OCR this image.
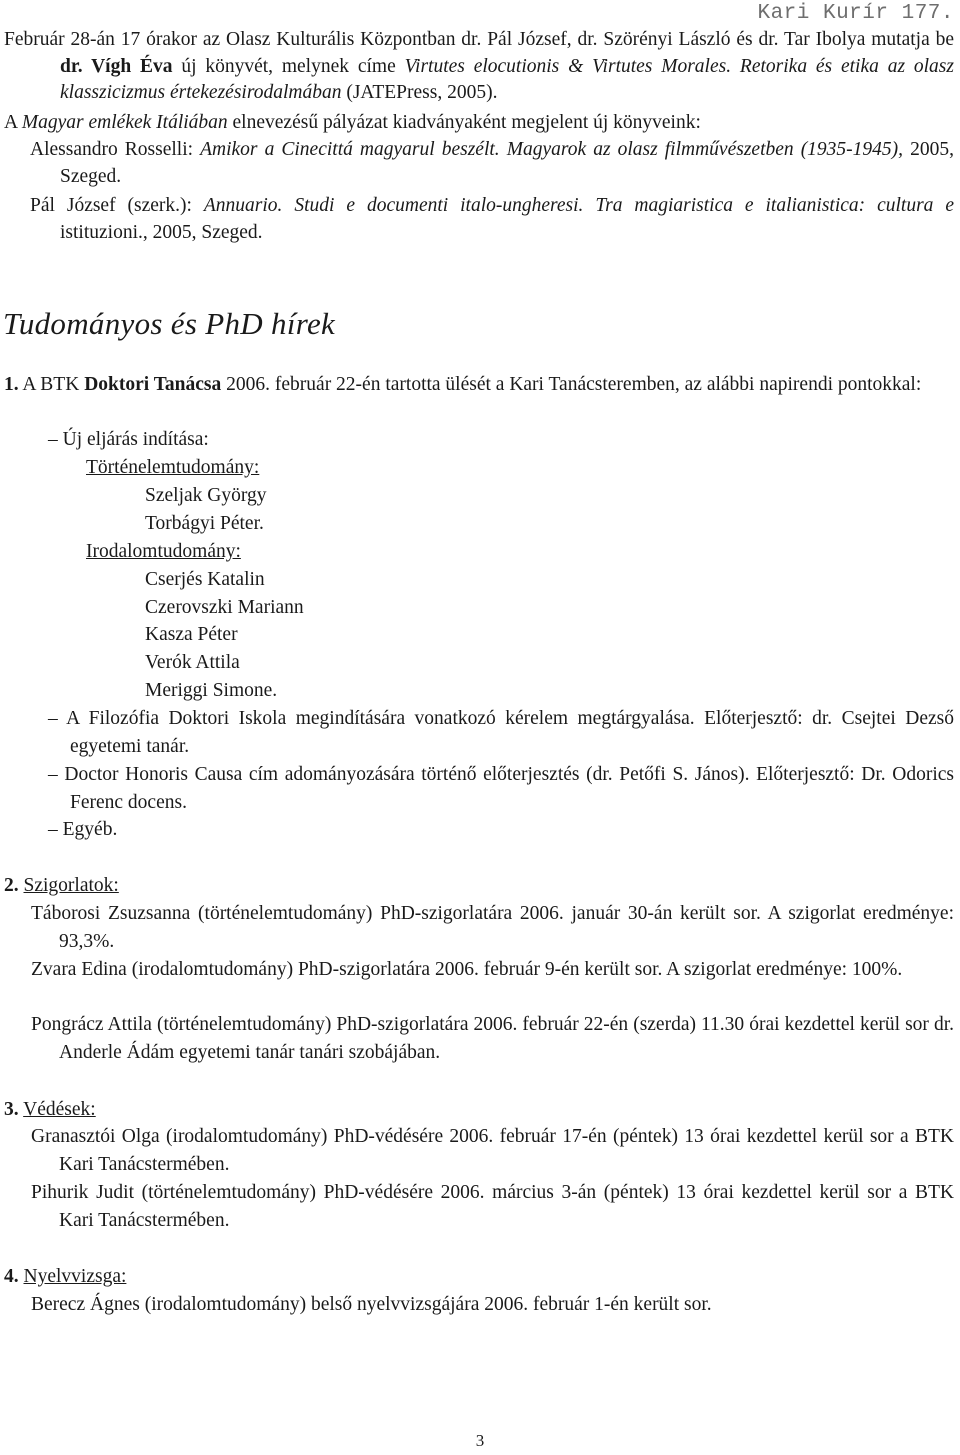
Kari Kurír 177.
Február 28-án 17 órakor az Olasz Kulturális Központban dr. Pál József, dr. Szörényi László és dr. Tar Ibolya mutatja be dr. Vígh Éva új könyvét, melynek címe Virtutes elocutionis & Virtutes Morales. Retorika és etika az olasz klasszicizmus értekezésirodalmában (JATEPress, 2005).
A Magyar emlékek Itáliában elnevezésű pályázat kiadványaként megjelent új könyveink:
Alessandro Rosselli: Amikor a Cinecittá magyarul beszélt. Magyarok az olasz filmművészetben (1935-1945), 2005, Szeged.
Pál József (szerk.): Annuario. Studi e documenti italo-ungheresi. Tra magiaristica e italianistica: cultura e istituzioni., 2005, Szeged.
Tudományos és PhD hírek
1. A BTK Doktori Tanácsa 2006. február 22-én tartotta ülését a Kari Tanácsteremben, az alábbi napirendi pontokkal:
– Új eljárás indítása:
Történelemtudomány:
Szeljak György
Torbágyi Péter.
Irodalomtudomány:
Cserjés Katalin
Czerovszki Mariann
Kasza Péter
Verók Attila
Meriggi Simone.
– A Filozófia Doktori Iskola megindítására vonatkozó kérelem megtárgyalása. Előterjesztő: dr. Csejtei Dezső egyetemi tanár.
– Doctor Honoris Causa cím adományozására történő előterjesztés (dr. Petőfi S. János). Előterjesztő: Dr. Odorics Ferenc docens.
– Egyéb.
2. Szigorlatok:
Táborosi Zsuzsanna (történelemtudomány) PhD-szigorlatára 2006. január 30-án került sor. A szigorlat eredménye: 93,3%.
Zvara Edina (irodalomtudomány) PhD-szigorlatára 2006. február 9-én került sor. A szigorlat eredménye: 100%.
Pongrácz Attila (történelemtudomány) PhD-szigorlatára 2006. február 22-én (szerda) 11.30 órai kezdettel kerül sor dr. Anderle Ádám egyetemi tanár tanári szobájában.
3. Védések:
Granasztói Olga (irodalomtudomány) PhD-védésére 2006. február 17-én (péntek) 13 órai kezdettel kerül sor a BTK Kari Tanácstermében.
Pihurik Judit (történelemtudomány) PhD-védésére 2006. március 3-án (péntek) 13 órai kezdettel kerül sor a BTK Kari Tanácstermében.
4. Nyelvvizsga:
Berecz Ágnes (irodalomtudomány) belső nyelvvizsgájára 2006. február 1-én került sor.
3
